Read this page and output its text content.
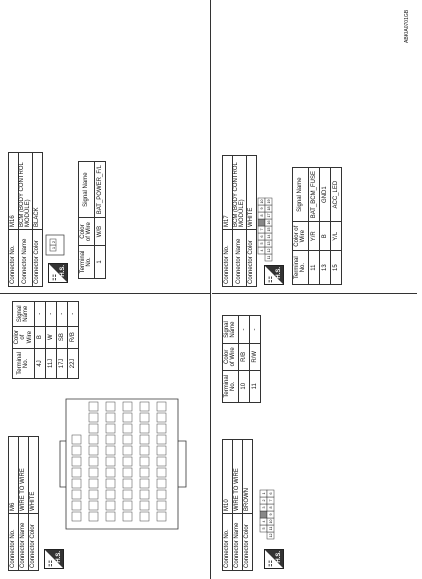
Connector No.	M6
Connector Name	WIRE TO WIRE
Connector Color	WHITE
⚏
H.S.
Terminal No.	Color of Wire	Signal Name
4J	B	-
11J	W	-
17J	SB	-
22J	R/B	-
Connector No.	M16
Connector Name	BCM (BODY CONTROL MODULE)
Connector Color	BLACK
⚏
H.S.
1
2
Terminal No.	Color of Wire	Signal Name
1	W/B	BAT_POWER_F/L
Connector No.	M10
Connector Name	WIRE TO WIRE
Connector Color	BROWN
⚏
H.S.
5
4
3
2
1
12
11
10
9
8
7
6
Terminal No.	Color of Wire	Signal Name
10	R/B	-
11	R/W	-
Connector No.	M17
Connector Name	BCM (BODY CONTROL MODULE)
Connector Color	WHITE
⚏
H.S.
4
5
6
7
8
9
10
11
12
13
14
15
16
17
18
19
Terminal No.	Color of Wire	Signal Name
11	Y/R	BAT_BCM_FUSE
13	B	GND1
15	Y/L	ACC_LED
ABKIA0701GB
